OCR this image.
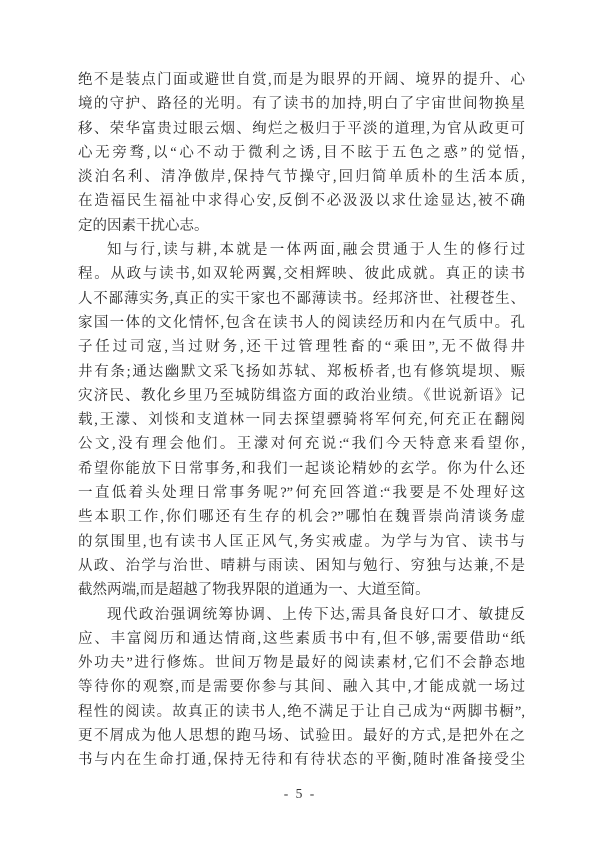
绝不是装点门面或避世自赏,而是为眼界的开阔、境界的提升、心
境的守护、路径的光明。有了读书的加持,明白了宇宙世间物换星
移、荣华富贵过眼云烟、绚烂之极归于平淡的道理,为官从政更可
心无旁骛,以“心不动于微利之诱,目不眩于五色之惑”的觉悟,
淡泊名利、清净傲岸,保持气节操守,回归简单质朴的生活本质,
在造福民生福祉中求得心安,反倒不必汲汲以求仕途显达,被不确
定的因素干扰心志。
知与行,读与耕,本就是一体两面,融会贯通于人生的修行过
程。从政与读书,如双轮两翼,交相辉映、彼此成就。真正的读书
人不鄙薄实务,真正的实干家也不鄙薄读书。经邦济世、社稷苍生、
家国一体的文化情怀,包含在读书人的阅读经历和内在气质中。孔
子任过司寇,当过财务,还干过管理牲畜的“乘田”,无不做得井
井有条;通达幽默文采飞扬如苏轼、郑板桥者,也有修筑堤坝、赈
灾济民、教化乡里乃至城防缉盗方面的政治业绩。《世说新语》记
载,王濛、刘惔和支道林一同去探望骠骑将军何充,何充正在翻阅
公文,没有理会他们。王濛对何充说:“我们今天特意来看望你,
希望你能放下日常事务,和我们一起谈论精妙的玄学。你为什么还
一直低着头处理日常事务呢?”何充回答道:“我要是不处理好这
些本职工作,你们哪还有生存的机会?”哪怕在魏晋崇尚清谈务虚
的氛围里,也有读书人匡正风气,务实戒虚。为学与为官、读书与
从政、治学与治世、晴耕与雨读、困知与勉行、穷独与达兼,不是
截然两端,而是超越了物我界限的道通为一、大道至简。
现代政治强调统筹协调、上传下达,需具备良好口才、敏捷反
应、丰富阅历和通达情商,这些素质书中有,但不够,需要借助“纸
外功夫”进行修炼。世间万物是最好的阅读素材,它们不会静态地
等待你的观察,而是需要你参与其间、融入其中,才能成就一场过
程性的阅读。故真正的读书人,绝不满足于让自己成为“两脚书橱”,
更不屑成为他人思想的跑马场、试验田。最好的方式,是把外在之
书与内在生命打通,保持无待和有待状态的平衡,随时准备接受尘
- 5 -
